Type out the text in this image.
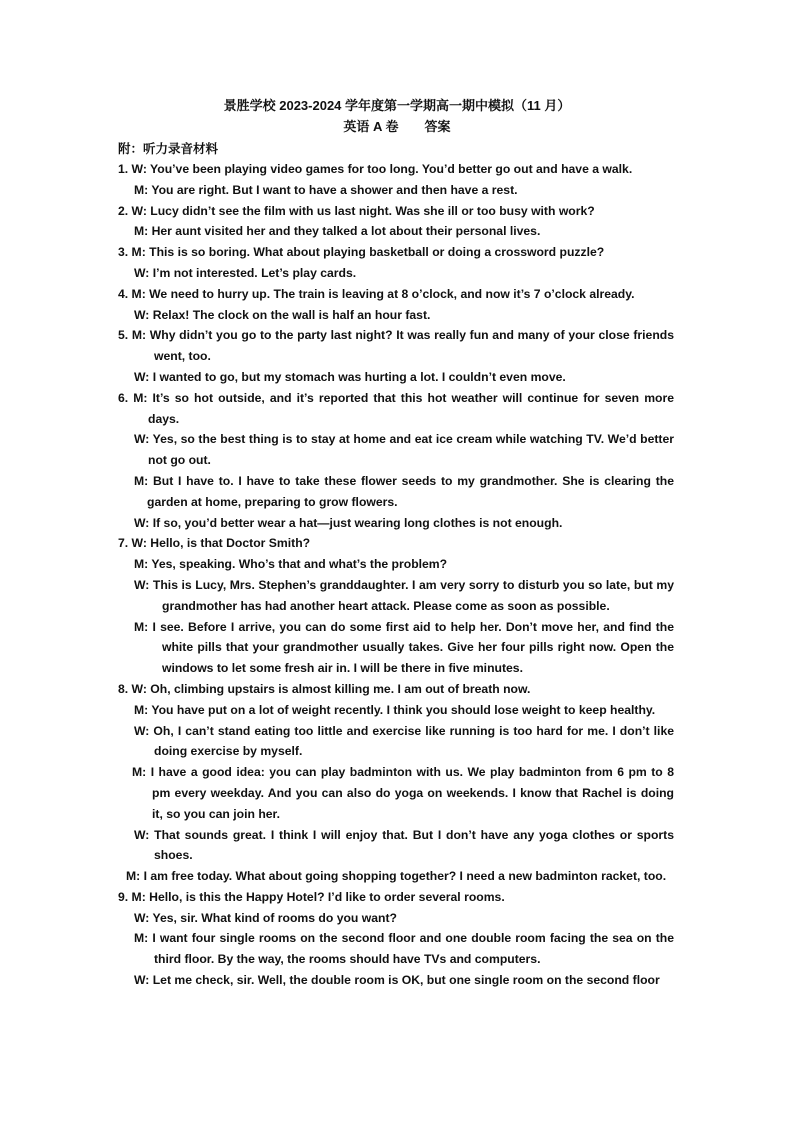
景胜学校 2023-2024 学年度第一学期高一期中模拟（11 月）
英语 A 卷　　答案
附：听力录音材料
1. W: You’ve been playing video games for too long. You’d better go out and have a walk.
M: You are right. But I want to have a shower and then have a rest.
2. W: Lucy didn’t see the film with us last night. Was she ill or too busy with work?
M: Her aunt visited her and they talked a lot about their personal lives.
3. M: This is so boring. What about playing basketball or doing a crossword puzzle?
W: I’m not interested. Let’s play cards.
4. M: We need to hurry up. The train is leaving at 8 o’clock, and now it’s 7 o’clock already.
W: Relax! The clock on the wall is half an hour fast.
5. M: Why didn’t you go to the party last night? It was really fun and many of your close friends went, too.
W: I wanted to go, but my stomach was hurting a lot. I couldn’t even move.
6. M: It’s so hot outside, and it’s reported that this hot weather will continue for seven more days.
W: Yes, so the best thing is to stay at home and eat ice cream while watching TV. We’d better not go out.
M: But I have to. I have to take these flower seeds to my grandmother. She is clearing the garden at home, preparing to grow flowers.
W: If so, you’d better wear a hat—just wearing long clothes is not enough.
7. W: Hello, is that Doctor Smith?
M: Yes, speaking. Who’s that and what’s the problem?
W: This is Lucy, Mrs. Stephen’s granddaughter. I am very sorry to disturb you so late, but my grandmother has had another heart attack. Please come as soon as possible.
M: I see. Before I arrive, you can do some first aid to help her. Don’t move her, and find the white pills that your grandmother usually takes. Give her four pills right now. Open the windows to let some fresh air in. I will be there in five minutes.
8. W: Oh, climbing upstairs is almost killing me. I am out of breath now.
M: You have put on a lot of weight recently. I think you should lose weight to keep healthy.
W: Oh, I can’t stand eating too little and exercise like running is too hard for me. I don’t like doing exercise by myself.
M: I have a good idea: you can play badminton with us. We play badminton from 6 pm to 8 pm every weekday. And you can also do yoga on weekends. I know that Rachel is doing it, so you can join her.
W: That sounds great. I think I will enjoy that. But I don’t have any yoga clothes or sports shoes.
M: I am free today. What about going shopping together? I need a new badminton racket, too.
9. M: Hello, is this the Happy Hotel? I’d like to order several rooms.
W: Yes, sir. What kind of rooms do you want?
M: I want four single rooms on the second floor and one double room facing the sea on the third floor. By the way, the rooms should have TVs and computers.
W: Let me check, sir. Well, the double room is OK, but one single room on the second floor
